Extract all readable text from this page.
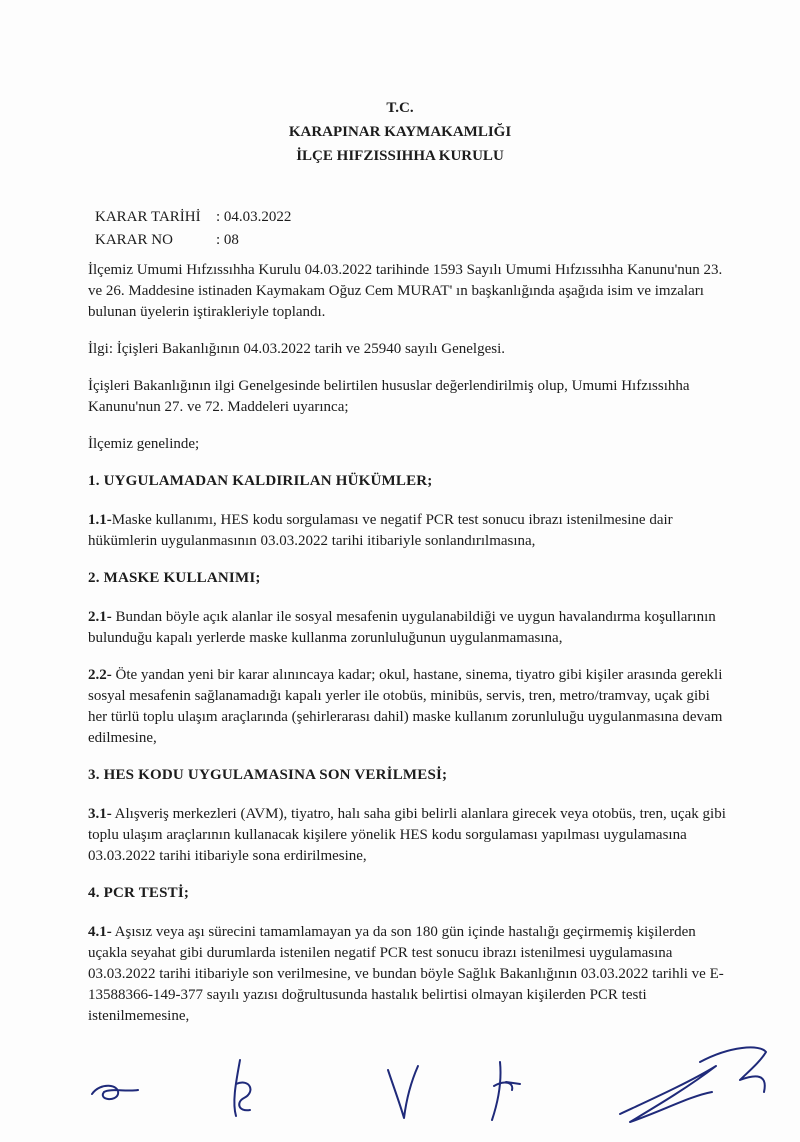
T.C.
KARAPINAR KAYMAKAMLIĞI
İLÇE HIFZISSIHHA KURULU
KARAR TARİHİ	: 04.03.2022
KARAR NO	: 08

İlçemiz Umumi Hıfzıssıhha Kurulu 04.03.2022 tarihinde 1593 Sayılı Umumi Hıfzıssıhha Kanunu'nun 23. ve 26. Maddesine istinaden Kaymakam Oğuz Cem MURAT' ın başkanlığında aşağıda isim ve imzaları bulunan üyelerin iştirakleriyle toplandı.

İlgi: İçişleri Bakanlığının 04.03.2022 tarih ve 25940 sayılı Genelgesi.

İçişleri Bakanlığının ilgi Genelgesinde belirtilen hususlar değerlendirilmiş olup, Umumi Hıfzıssıhha Kanunu'nun 27. ve 72. Maddeleri uyarınca;

İlçemiz genelinde;

1. UYGULAMADAN KALDIRILAN HÜKÜMLER;

1.1-Maske kullanımı, HES kodu sorgulaması ve negatif PCR test sonucu ibrazı istenilmesine dair hükümlerin uygulanmasının 03.03.2022 tarihi itibariyle sonlandırılmasına,

2. MASKE KULLANIMI;

2.1- Bundan böyle açık alanlar ile sosyal mesafenin uygulanabildiği ve uygun havalandırma koşullarının bulunduğu kapalı yerlerde maske kullanma zorunluluğunun uygulanmamasına,

2.2- Öte yandan yeni bir karar alınıncaya kadar; okul, hastane, sinema, tiyatro gibi kişiler arasında gerekli sosyal mesafenin sağlanamadığı kapalı yerler ile otobüs, minibüs, servis, tren, metro/tramvay, uçak gibi her türlü toplu ulaşım araçlarında (şehirlerarası dahil) maske kullanım zorunluluğu uygulanmasına devam edilmesine,

3. HES KODU UYGULAMASINA SON VERİLMESİ;

3.1- Alışveriş merkezleri (AVM), tiyatro, halı saha gibi belirli alanlara girecek veya otobüs, tren, uçak gibi toplu ulaşım araçlarının kullanacak kişilere yönelik HES kodu sorgulaması yapılması uygulamasına 03.03.2022 tarihi itibariyle sona erdirilmesine,

4. PCR TESTİ;

4.1- Aşısız veya aşı sürecini tamamlamayan ya da son 180 gün içinde hastalığı geçirmemiş kişilerden uçakla seyahat gibi durumlarda istenilen negatif PCR test sonucu ibrazı istenilmesi uygulamasına 03.03.2022 tarihi itibariyle son verilmesine, ve bundan böyle Sağlık Bakanlığının 03.03.2022 tarihli ve E-13588366-149-377 sayılı yazısı doğrultusunda hastalık belirtisi olmayan kişilerden PCR testi istenilmemesine,
